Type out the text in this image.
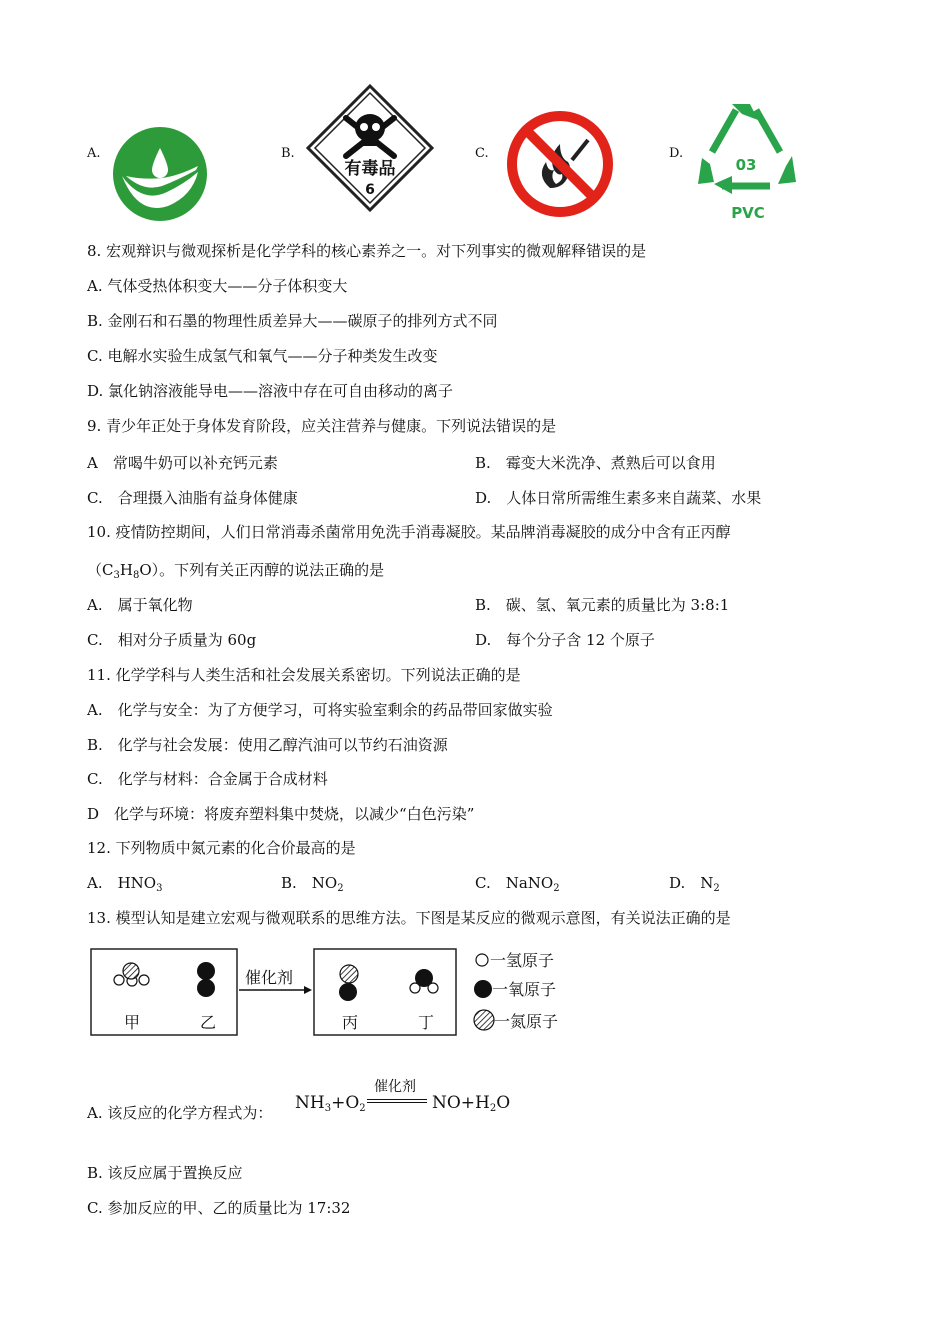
A.	B.
有毒品
6
C.	D.
03
PVC
8. 宏观辩识与微观探析是化学学科的核心素养之一。对下列事实的微观解释错误的是
A. 气体受热体积变大——分子体积变大
B. 金刚石和石墨的物理性质差异大——碳原子的排列方式不同
C. 电解水实验生成氢气和氧气——分子种类发生改变
D. 氯化钠溶液能导电——溶液中存在可自由移动的离子
9. 青少年正处于身体发育阶段，应关注营养与健康。下列说法错误的是
A　常喝牛奶可以补充钙元素	B.　霉变大米洗净、煮熟后可以食用
C.　合理摄入油脂有益身体健康	D.　人体日常所需维生素多来自蔬菜、水果
10. 疫情防控期间，人们日常消毒杀菌常用免洗手消毒凝胶。某品牌消毒凝胶的成分中含有正丙醇
$(C_3H_8O)$。下列有关正丙醇的说法正确的是
A.　属于氧化物	B.　碳、氢、氧元素的质量比为 3:8:1
C.　相对分子质量为 60g	D.　每个分子含 12 个原子
11. 化学学科与人类生活和社会发展关系密切。下列说法正确的是
A.　化学与安全：为了方便学习，可将实验室剩余的药品带回家做实验
B.　化学与社会发展：使用乙醇汽油可以节约石油资源
C.　化学与材料：合金属于合成材料
D　化学与环境：将废弃塑料集中焚烧，以减少“白色污染”
12. 下列物质中氮元素的化合价最高的是
A.　$HNO_3$	B.　$NO_2$	C.　NaNO$_2$	D.　$N_2$
13. 模型认知是建立宏观与微观联系的思维方法。下图是某反应的微观示意图，有关说法正确的是
甲	乙
催化剂
丙	丁
一氢原子
一氧原子
一氮原子
A. 该反应的化学方程式为：
催化剂
$NH_3+O_2$	$NO+H_2O$
B. 该反应属于置换反应
C. 参加反应的甲、乙的质量比为 17:32
